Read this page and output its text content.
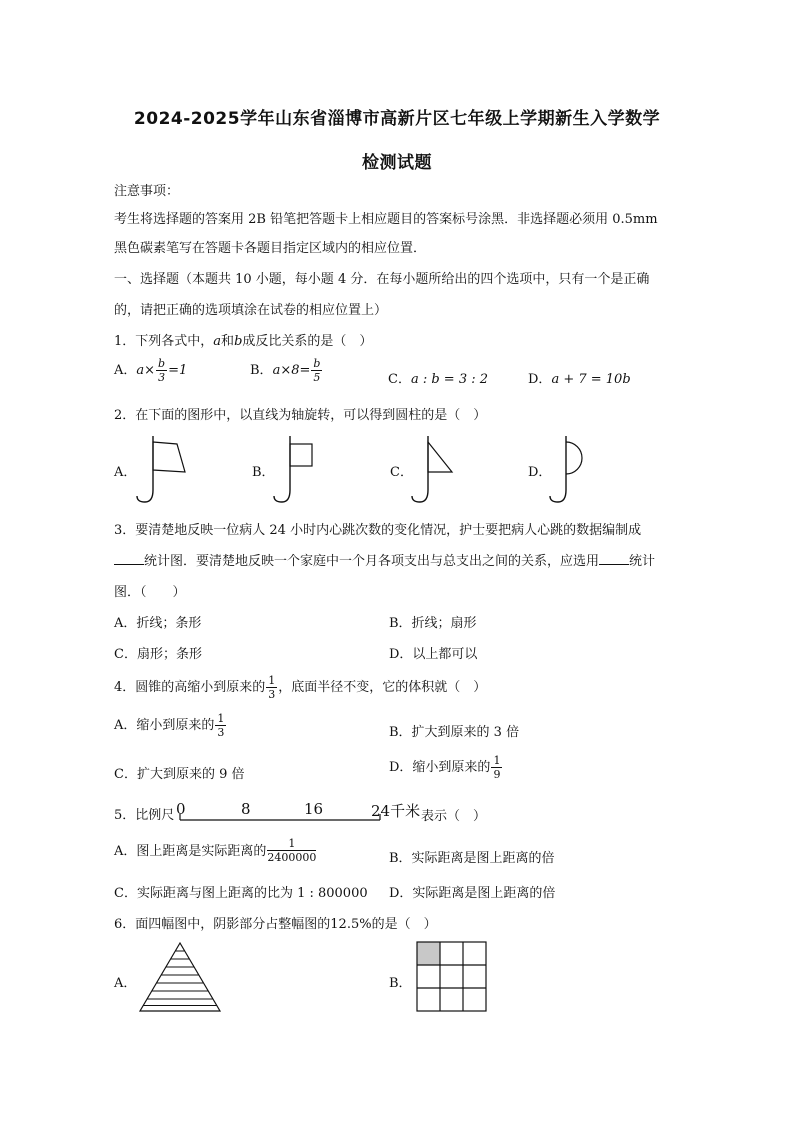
2024-2025学年山东省淄博市高新片区七年级上学期新生入学数学
检测试题
注意事项：
考生将选择题的答案用 2B 铅笔把答题卡上相应题目的答案标号涂黑．非选择题必须用 0.5mm
黑色碳素笔写在答题卡各题目指定区域内的相应位置．
一、选择题（本题共 10 小题，每小题 4 分．在每小题所给出的四个选项中，只有一个是正确
的，请把正确的选项填涂在试卷的相应位置上）
1．下列各式中，a和b成反比关系的是（　）
A．$a\times \frac{b}{3} =1$	B．$a\times 8= \frac{b}{5}$	C．a : b = 3 : 2	D．a + 7 = 10b
2．在下面的图形中，以直线为轴旋转，可以得到圆柱的是（　）
A．	B．	C．	D．
3．要清楚地反映一位病人 24 小时内心跳次数的变化情况，护士要把病人心跳的数据编制成
统计图．要清楚地反映一个家庭中一个月各项支出与总支出之间的关系，应选用 统计
图．（　　）
A．折线；条形	B．折线；扇形
C．扇形；条形	D．以上都可以
4．圆锥的高缩小到原来的 $\frac{1}{3}$ ，底面半径不变，它的体积就（　）
A．缩小到原来的 $\frac{1}{3}$	B．扩大到原来的 3 倍
C．扩大到原来的 9 倍	D．缩小到原来的 $\frac{1}{9}$
5．比例尺 0	8	16	24千米 表示（　）
A．图上距离是实际距离的 $\frac{1}{2400000}$	B．实际距离是图上距离的倍
C．实际距离与图上距离的比为 1 : 800000 D．实际距离是图上距离的倍
6．面四幅图中，阴影部分占整幅图的12.5%的是（　）
A．	B．
